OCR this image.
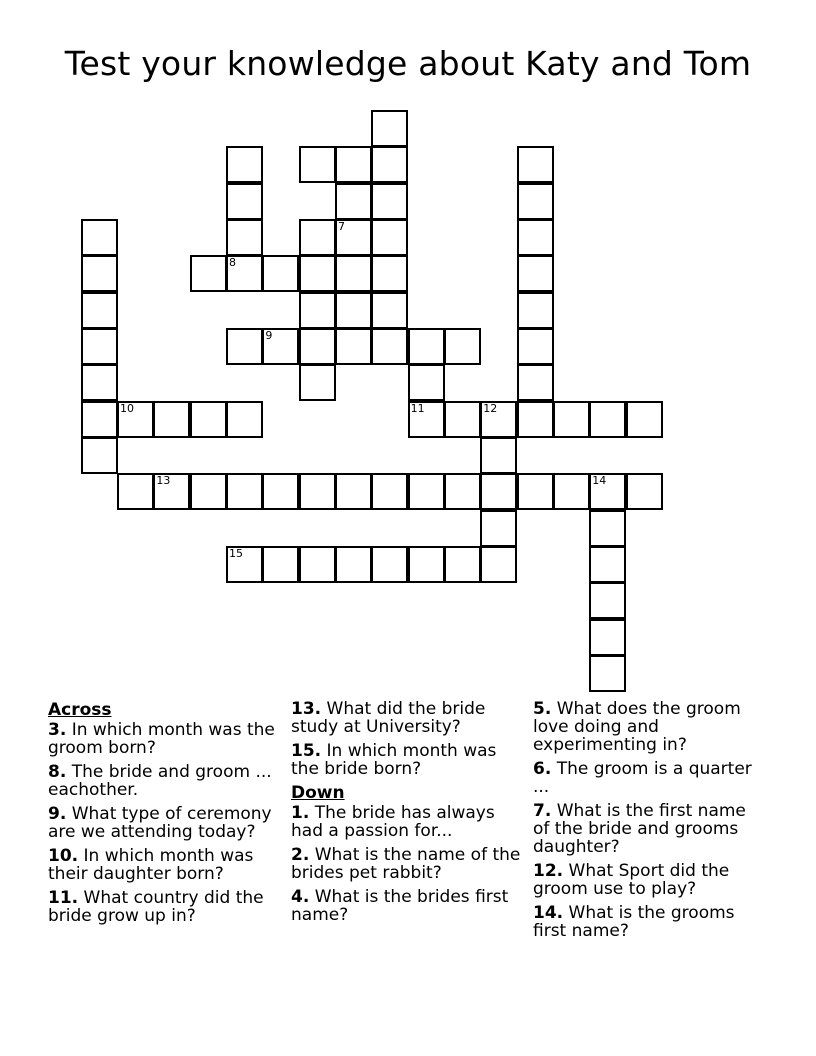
Test your knowledge about Katy and Tom
7
8
9
10	11	12
13	14
15
Across
3. In which month was the groom born?
8. The bride and groom ... eachother.
9. What type of ceremony are we attending today?
10. In which month was their daughter born?
11. What country did the bride grow up in?
13. What did the bride study at University?
15. In which month was the bride born?
Down
1. The bride has always had a passion for...
2. What is the name of the brides pet rabbit?
4. What is the brides first name?
5. What does the groom love doing and experimenting in?
6. The groom is a quarter ...
7. What is the first name of the bride and grooms daughter?
12. What Sport did the groom use to play?
14. What is the grooms first name?
